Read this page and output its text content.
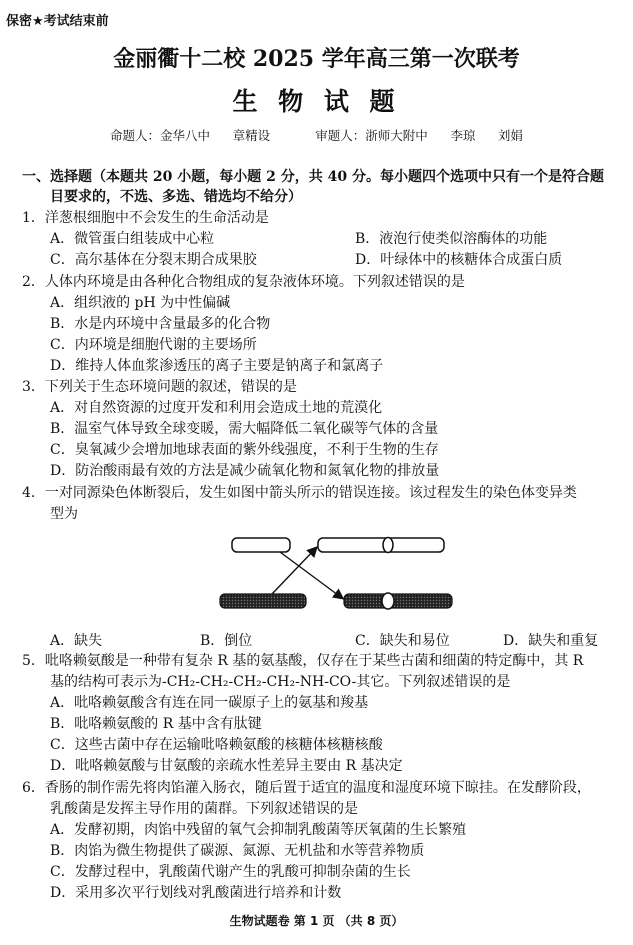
保密★考试结束前
金丽衢十二校 2025 学年高三第一次联考
生 物 试 题
命题人：金华八中   章精设      审题人：浙师大附中   李琼   刘娟
一、选择题（本题共 20 小题，每小题 2 分，共 40 分。每小题四个选项中只有一个是符合题
目要求的，不选、多选、错选均不给分）
1．洋葱根细胞中不会发生的生命活动是
A．微管蛋白组装成中心粒	B．液泡行使类似溶酶体的功能
C．高尔基体在分裂末期合成果胶	D．叶绿体中的核糖体合成蛋白质
2．人体内环境是由各种化合物组成的复杂液体环境。下列叙述错误的是
A．组织液的 pH 为中性偏碱
B．水是内环境中含量最多的化合物
C．内环境是细胞代谢的主要场所
D．维持人体血浆渗透压的离子主要是钠离子和氯离子
3．下列关于生态环境问题的叙述，错误的是
A．对自然资源的过度开发和利用会造成土地的荒漠化
B．温室气体导致全球变暖，需大幅降低二氧化碳等气体的含量
C．臭氧减少会增加地球表面的紫外线强度，不利于生物的生存
D．防治酸雨最有效的方法是减少硫氧化物和氮氧化物的排放量
4．一对同源染色体断裂后，发生如图中箭头所示的错误连接。该过程发生的染色体变异类
型为
A．缺失	B．倒位	C．缺失和易位	D．缺失和重复
5．吡咯赖氨酸是一种带有复杂 R 基的氨基酸，仅存在于某些古菌和细菌的特定酶中，其 R
基的结构可表示为-CH₂-CH₂-CH₂-CH₂-NH-CO-其它。下列叙述错误的是
A．吡咯赖氨酸含有连在同一碳原子上的氨基和羧基
B．吡咯赖氨酸的 R 基中含有肽键
C．这些古菌中存在运输吡咯赖氨酸的核糖体核糖核酸
D．吡咯赖氨酸与甘氨酸的亲疏水性差异主要由 R 基决定
6．香肠的制作需先将肉馅灌入肠衣，随后置于适宜的温度和湿度环境下晾挂。在发酵阶段，
乳酸菌是发挥主导作用的菌群。下列叙述错误的是
A．发酵初期，肉馅中残留的氧气会抑制乳酸菌等厌氧菌的生长繁殖
B．肉馅为微生物提供了碳源、氮源、无机盐和水等营养物质
C．发酵过程中，乳酸菌代谢产生的乳酸可抑制杂菌的生长
D．采用多次平行划线对乳酸菌进行培养和计数
生物试题卷 第 1 页 （共 8 页）
